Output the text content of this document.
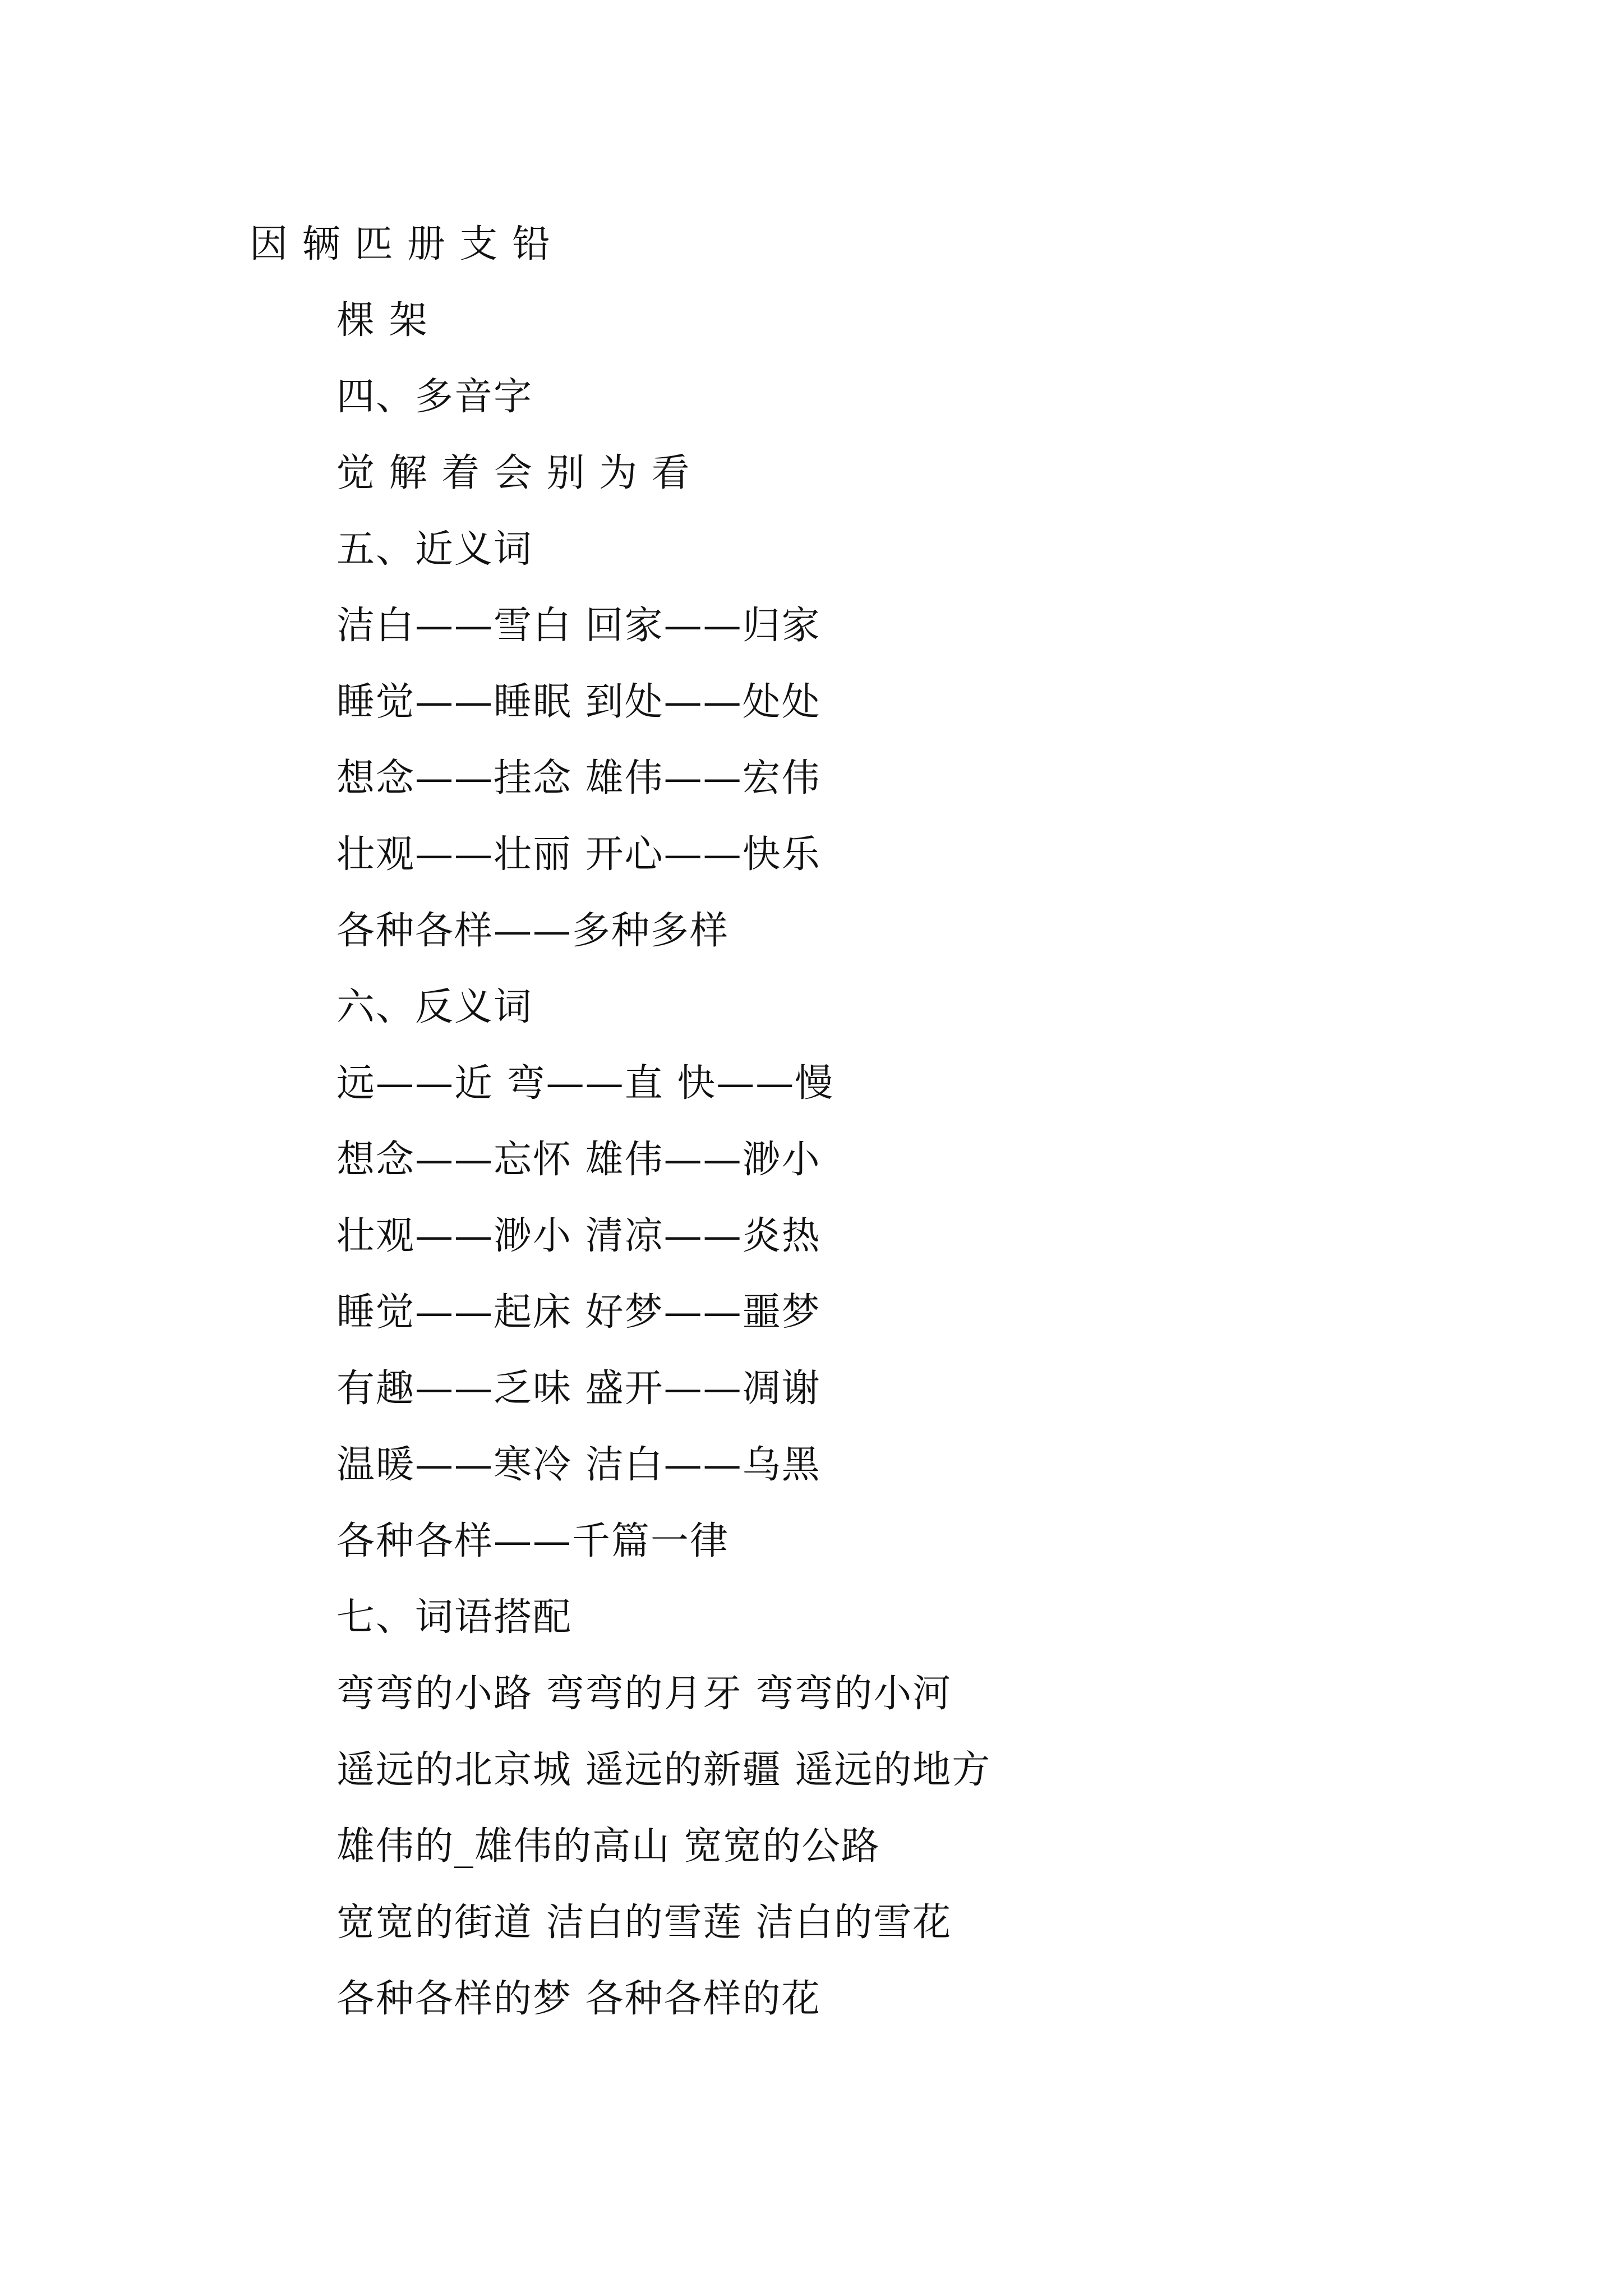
因 辆 匹 册 支 铅
棵 架
四、多音字
觉 解 着 会 别 为 看
五、近义词
洁白——雪白 回家——归家
睡觉——睡眠 到处——处处
想念——挂念 雄伟——宏伟
壮观——壮丽 开心——快乐
各种各样——多种多样
六、反义词
远——近 弯——直 快——慢
想念——忘怀 雄伟——渺小
壮观——渺小 清凉——炎热
睡觉——起床 好梦——噩梦
有趣——乏味 盛开——凋谢
温暖——寒冷 洁白——乌黑
各种各样——千篇一律
七、词语搭配
弯弯的小路 弯弯的月牙 弯弯的小河
遥远的北京城 遥远的新疆 遥远的地方
雄伟的_雄伟的高山 宽宽的公路
宽宽的街道 洁白的雪莲 洁白的雪花
各种各样的梦 各种各样的花
